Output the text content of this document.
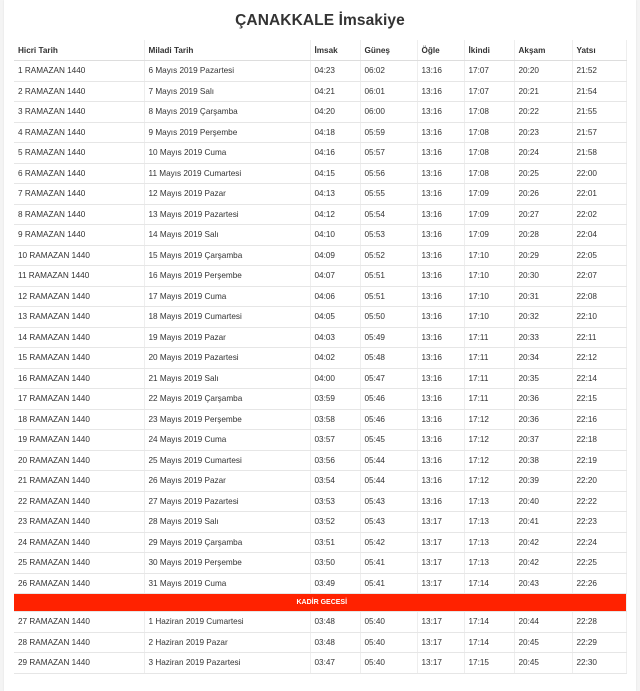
ÇANAKKALE İmsakiye
Hicri Tarih	Miladi Tarih	İmsak	Güneş	Öğle	İkindi	Akşam	Yatsı
1 RAMAZAN 1440	6 Mayıs 2019 Pazartesi	04:23	06:02	13:16	17:07	20:20	21:52
2 RAMAZAN 1440	7 Mayıs 2019 Salı	04:21	06:01	13:16	17:07	20:21	21:54
3 RAMAZAN 1440	8 Mayıs 2019 Çarşamba	04:20	06:00	13:16	17:08	20:22	21:55
4 RAMAZAN 1440	9 Mayıs 2019 Perşembe	04:18	05:59	13:16	17:08	20:23	21:57
5 RAMAZAN 1440	10 Mayıs 2019 Cuma	04:16	05:57	13:16	17:08	20:24	21:58
6 RAMAZAN 1440	11 Mayıs 2019 Cumartesi	04:15	05:56	13:16	17:08	20:25	22:00
7 RAMAZAN 1440	12 Mayıs 2019 Pazar	04:13	05:55	13:16	17:09	20:26	22:01
8 RAMAZAN 1440	13 Mayıs 2019 Pazartesi	04:12	05:54	13:16	17:09	20:27	22:02
9 RAMAZAN 1440	14 Mayıs 2019 Salı	04:10	05:53	13:16	17:09	20:28	22:04
10 RAMAZAN 1440	15 Mayıs 2019 Çarşamba	04:09	05:52	13:16	17:10	20:29	22:05
11 RAMAZAN 1440	16 Mayıs 2019 Perşembe	04:07	05:51	13:16	17:10	20:30	22:07
12 RAMAZAN 1440	17 Mayıs 2019 Cuma	04:06	05:51	13:16	17:10	20:31	22:08
13 RAMAZAN 1440	18 Mayıs 2019 Cumartesi	04:05	05:50	13:16	17:10	20:32	22:10
14 RAMAZAN 1440	19 Mayıs 2019 Pazar	04:03	05:49	13:16	17:11	20:33	22:11
15 RAMAZAN 1440	20 Mayıs 2019 Pazartesi	04:02	05:48	13:16	17:11	20:34	22:12
16 RAMAZAN 1440	21 Mayıs 2019 Salı	04:00	05:47	13:16	17:11	20:35	22:14
17 RAMAZAN 1440	22 Mayıs 2019 Çarşamba	03:59	05:46	13:16	17:11	20:36	22:15
18 RAMAZAN 1440	23 Mayıs 2019 Perşembe	03:58	05:46	13:16	17:12	20:36	22:16
19 RAMAZAN 1440	24 Mayıs 2019 Cuma	03:57	05:45	13:16	17:12	20:37	22:18
20 RAMAZAN 1440	25 Mayıs 2019 Cumartesi	03:56	05:44	13:16	17:12	20:38	22:19
21 RAMAZAN 1440	26 Mayıs 2019 Pazar	03:54	05:44	13:16	17:12	20:39	22:20
22 RAMAZAN 1440	27 Mayıs 2019 Pazartesi	03:53	05:43	13:16	17:13	20:40	22:22
23 RAMAZAN 1440	28 Mayıs 2019 Salı	03:52	05:43	13:17	17:13	20:41	22:23
24 RAMAZAN 1440	29 Mayıs 2019 Çarşamba	03:51	05:42	13:17	17:13	20:42	22:24
25 RAMAZAN 1440	30 Mayıs 2019 Perşembe	03:50	05:41	13:17	17:13	20:42	22:25
26 RAMAZAN 1440	31 Mayıs 2019 Cuma	03:49	05:41	13:17	17:14	20:43	22:26
KADİR GECESİ							
27 RAMAZAN 1440	1 Haziran 2019 Cumartesi	03:48	05:40	13:17	17:14	20:44	22:28
28 RAMAZAN 1440	2 Haziran 2019 Pazar	03:48	05:40	13:17	17:14	20:45	22:29
29 RAMAZAN 1440	3 Haziran 2019 Pazartesi	03:47	05:40	13:17	17:15	20:45	22:30
